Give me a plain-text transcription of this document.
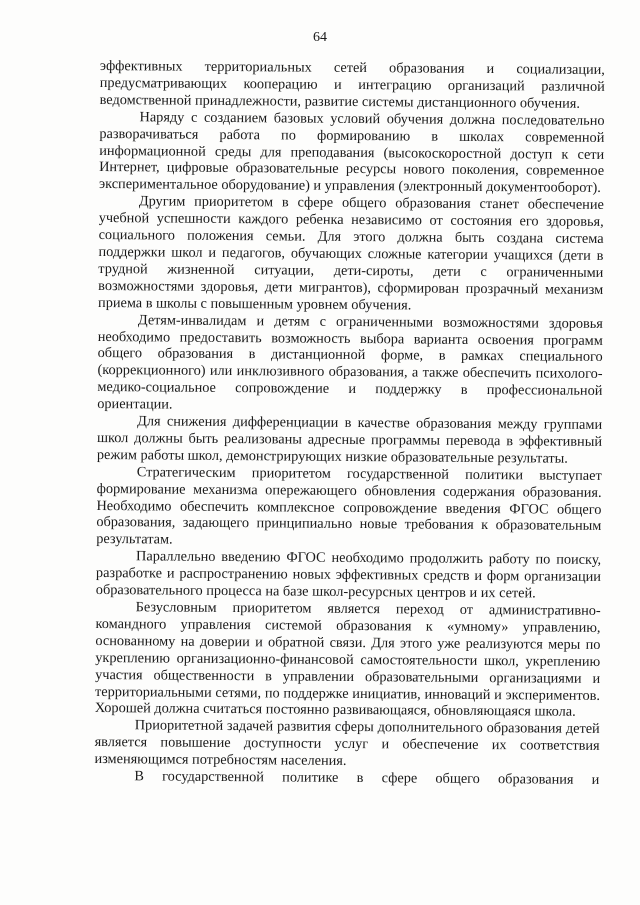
64

эффективных территориальных сетей образования и социализации, предусматривающих кооперацию и интеграцию организаций различной ведомственной принадлежности, развитие системы дистанционного обучения.

Наряду с созданием базовых условий обучения должна последовательно разворачиваться работа по формированию в школах современной информационной среды для преподавания (высокоскоростной доступ к сети Интернет, цифровые образовательные ресурсы нового поколения, современное экспериментальное оборудование) и управления (электронный документооборот).

Другим приоритетом в сфере общего образования станет обеспечение учебной успешности каждого ребенка независимо от состояния его здоровья, социального положения семьи. Для этого должна быть создана система поддержки школ и педагогов, обучающих сложные категории учащихся (дети в трудной жизненной ситуации, дети-сироты, дети с ограниченными возможностями здоровья, дети мигрантов), сформирован прозрачный механизм приема в школы с повышенным уровнем обучения.

Детям-инвалидам и детям с ограниченными возможностями здоровья необходимо предоставить возможность выбора варианта освоения программ общего образования в дистанционной форме, в рамках специального (коррекционного) или инклюзивного образования, а также обеспечить психолого-медико-социальное сопровождение и поддержку в профессиональной ориентации.

Для снижения дифференциации в качестве образования между группами школ должны быть реализованы адресные программы перевода в эффективный режим работы школ, демонстрирующих низкие образовательные результаты.

Стратегическим приоритетом государственной политики выступает формирование механизма опережающего обновления содержания образования. Необходимо обеспечить комплексное сопровождение введения ФГОС общего образования, задающего принципиально новые требования к образовательным результатам.

Параллельно введению ФГОС необходимо продолжить работу по поиску, разработке и распространению новых эффективных средств и форм организации образовательного процесса на базе школ-ресурсных центров и их сетей.

Безусловным приоритетом является переход от административно-командного управления системой образования к «умному» управлению, основанному на доверии и обратной связи. Для этого уже реализуются меры по укреплению организационно-финансовой самостоятельности школ, укреплению участия общественности в управлении образовательными организациями и территориальными сетями, по поддержке инициатив, инноваций и экспериментов. Хорошей должна считаться постоянно развивающаяся, обновляющаяся школа.

Приоритетной задачей развития сферы дополнительного образования детей является повышение доступности услуг и обеспечение их соответствия изменяющимся потребностям населения.

В государственной политике в сфере общего образования и
